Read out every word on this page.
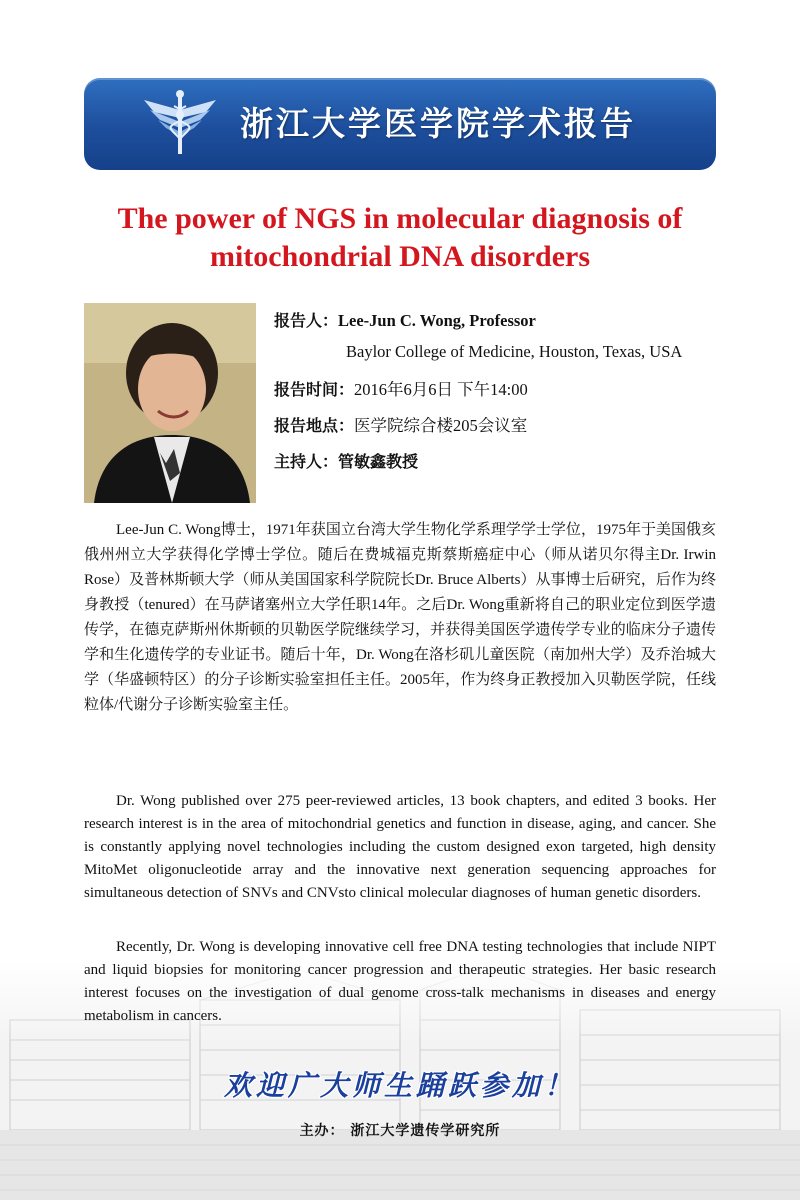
浙江大学医学院学术报告
The power of NGS in molecular diagnosis of
mitochondrial DNA disorders
报告人：Lee-Jun C. Wong, Professor
Baylor College of Medicine, Houston, Texas, USA
报告时间：2016年6月6日 下午14:00
报告地点：医学院综合楼205会议室
主持人：管敏鑫教授

Lee-Jun C. Wong博士，1971年获国立台湾大学生物化学系理学学士学位，1975年于美国俄亥俄州州立大学获得化学博士学位。随后在费城福克斯蔡斯癌症中心（师从诺贝尔得主Dr. Irwin Rose）及普林斯顿大学（师从美国国家科学院院长Dr. Bruce Alberts）从事博士后研究，后作为终身教授（tenured）在马萨诸塞州立大学任职14年。之后Dr. Wong重新将自己的职业定位到医学遗传学，在德克萨斯州休斯顿的贝勒医学院继续学习，并获得美国医学遗传学专业的临床分子遗传学和生化遗传学的专业证书。随后十年，Dr. Wong在洛杉矶儿童医院（南加州大学）及乔治城大学（华盛顿特区）的分子诊断实验室担任主任。2005年，作为终身正教授加入贝勒医学院，任线粒体/代谢分子诊断实验室主任。

Dr. Wong published over 275 peer-reviewed articles, 13 book chapters, and edited 3 books. Her research interest is in the area of mitochondrial genetics and function in disease, aging, and cancer. She is constantly applying novel technologies including the custom designed exon targeted, high density MitoMet oligonucleotide array and the innovative next generation sequencing approaches for simultaneous detection of SNVs and CNVsto clinical molecular diagnoses of human genetic disorders.

Recently, Dr. Wong is developing innovative cell free DNA testing technologies that include NIPT and liquid biopsies for monitoring cancer progression and therapeutic strategies. Her basic research interest focuses on the investigation of dual genome cross-talk mechanisms in diseases and energy metabolism in cancers.

欢迎广大师生踊跃参加！
主办： 浙江大学遗传学研究所
